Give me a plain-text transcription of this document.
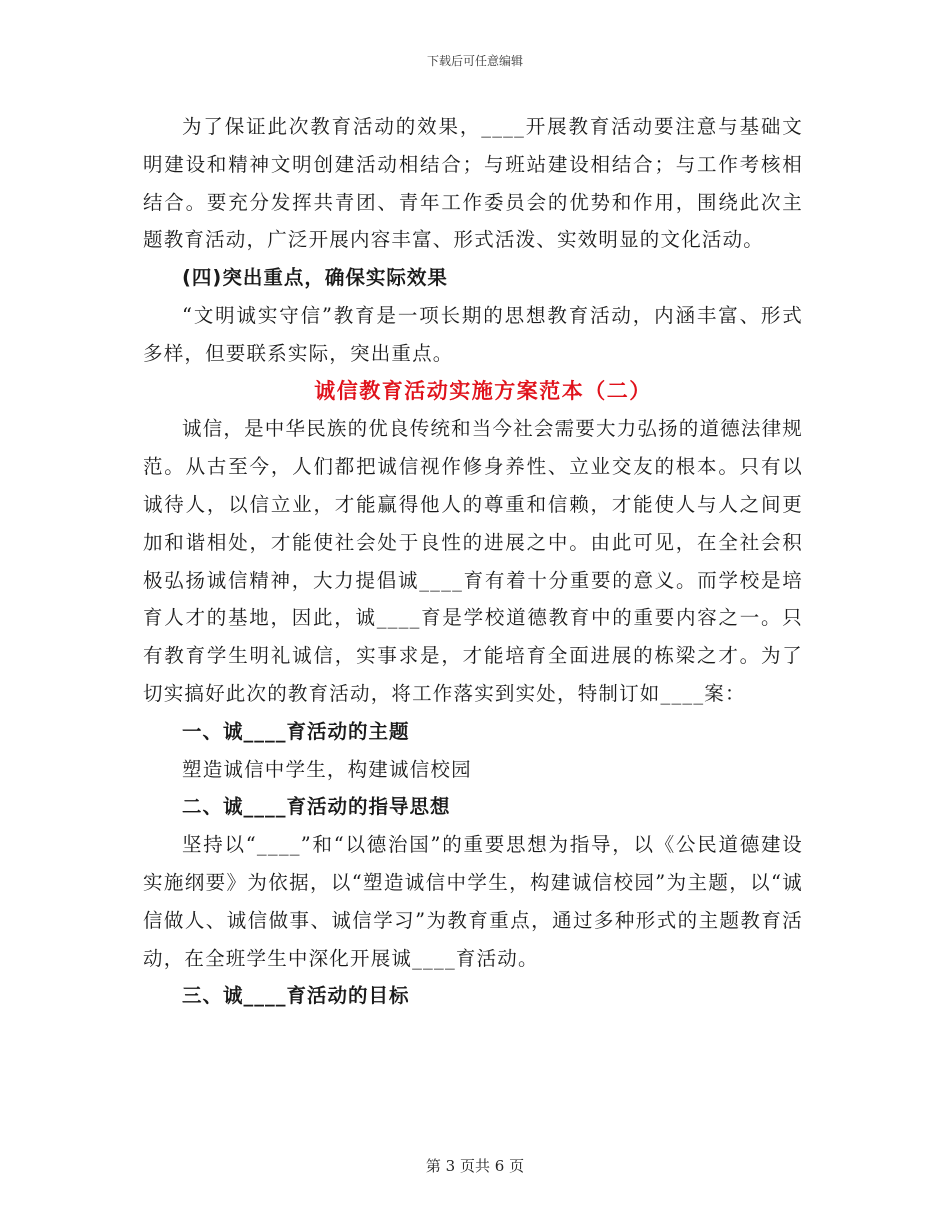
下载后可任意编辑

为了保证此次教育活动的效果，____开展教育活动要注意与基础文明建设和精神文明创建活动相结合；与班站建设相结合；与工作考核相结合。要充分发挥共青团、青年工作委员会的优势和作用，围绕此次主题教育活动，广泛开展内容丰富、形式活泼、实效明显的文化活动。

(四)突出重点，确保实际效果

“文明诚实守信”教育是一项长期的思想教育活动，内涵丰富、形式多样，但要联系实际，突出重点。

诚信教育活动实施方案范本（二）

诚信，是中华民族的优良传统和当今社会需要大力弘扬的道德法律规范。从古至今，人们都把诚信视作修身养性、立业交友的根本。只有以诚待人，以信立业，才能赢得他人的尊重和信赖，才能使人与人之间更加和谐相处，才能使社会处于良性的进展之中。由此可见，在全社会积极弘扬诚信精神，大力提倡诚____育有着十分重要的意义。而学校是培育人才的基地，因此，诚____育是学校道德教育中的重要内容之一。只有教育学生明礼诚信，实事求是，才能培育全面进展的栋梁之才。为了切实搞好此次的教育活动，将工作落实到实处，特制订如____案：

一、诚____育活动的主题
塑造诚信中学生，构建诚信校园
二、诚____育活动的指导思想

坚持以“____”和“以德治国”的重要思想为指导，以《公民道德建设实施纲要》为依据，以“塑造诚信中学生，构建诚信校园”为主题，以“诚信做人、诚信做事、诚信学习”为教育重点，通过多种形式的主题教育活动，在全班学生中深化开展诚____育活动。

三、诚____育活动的目标
第 3 页共 6 页
